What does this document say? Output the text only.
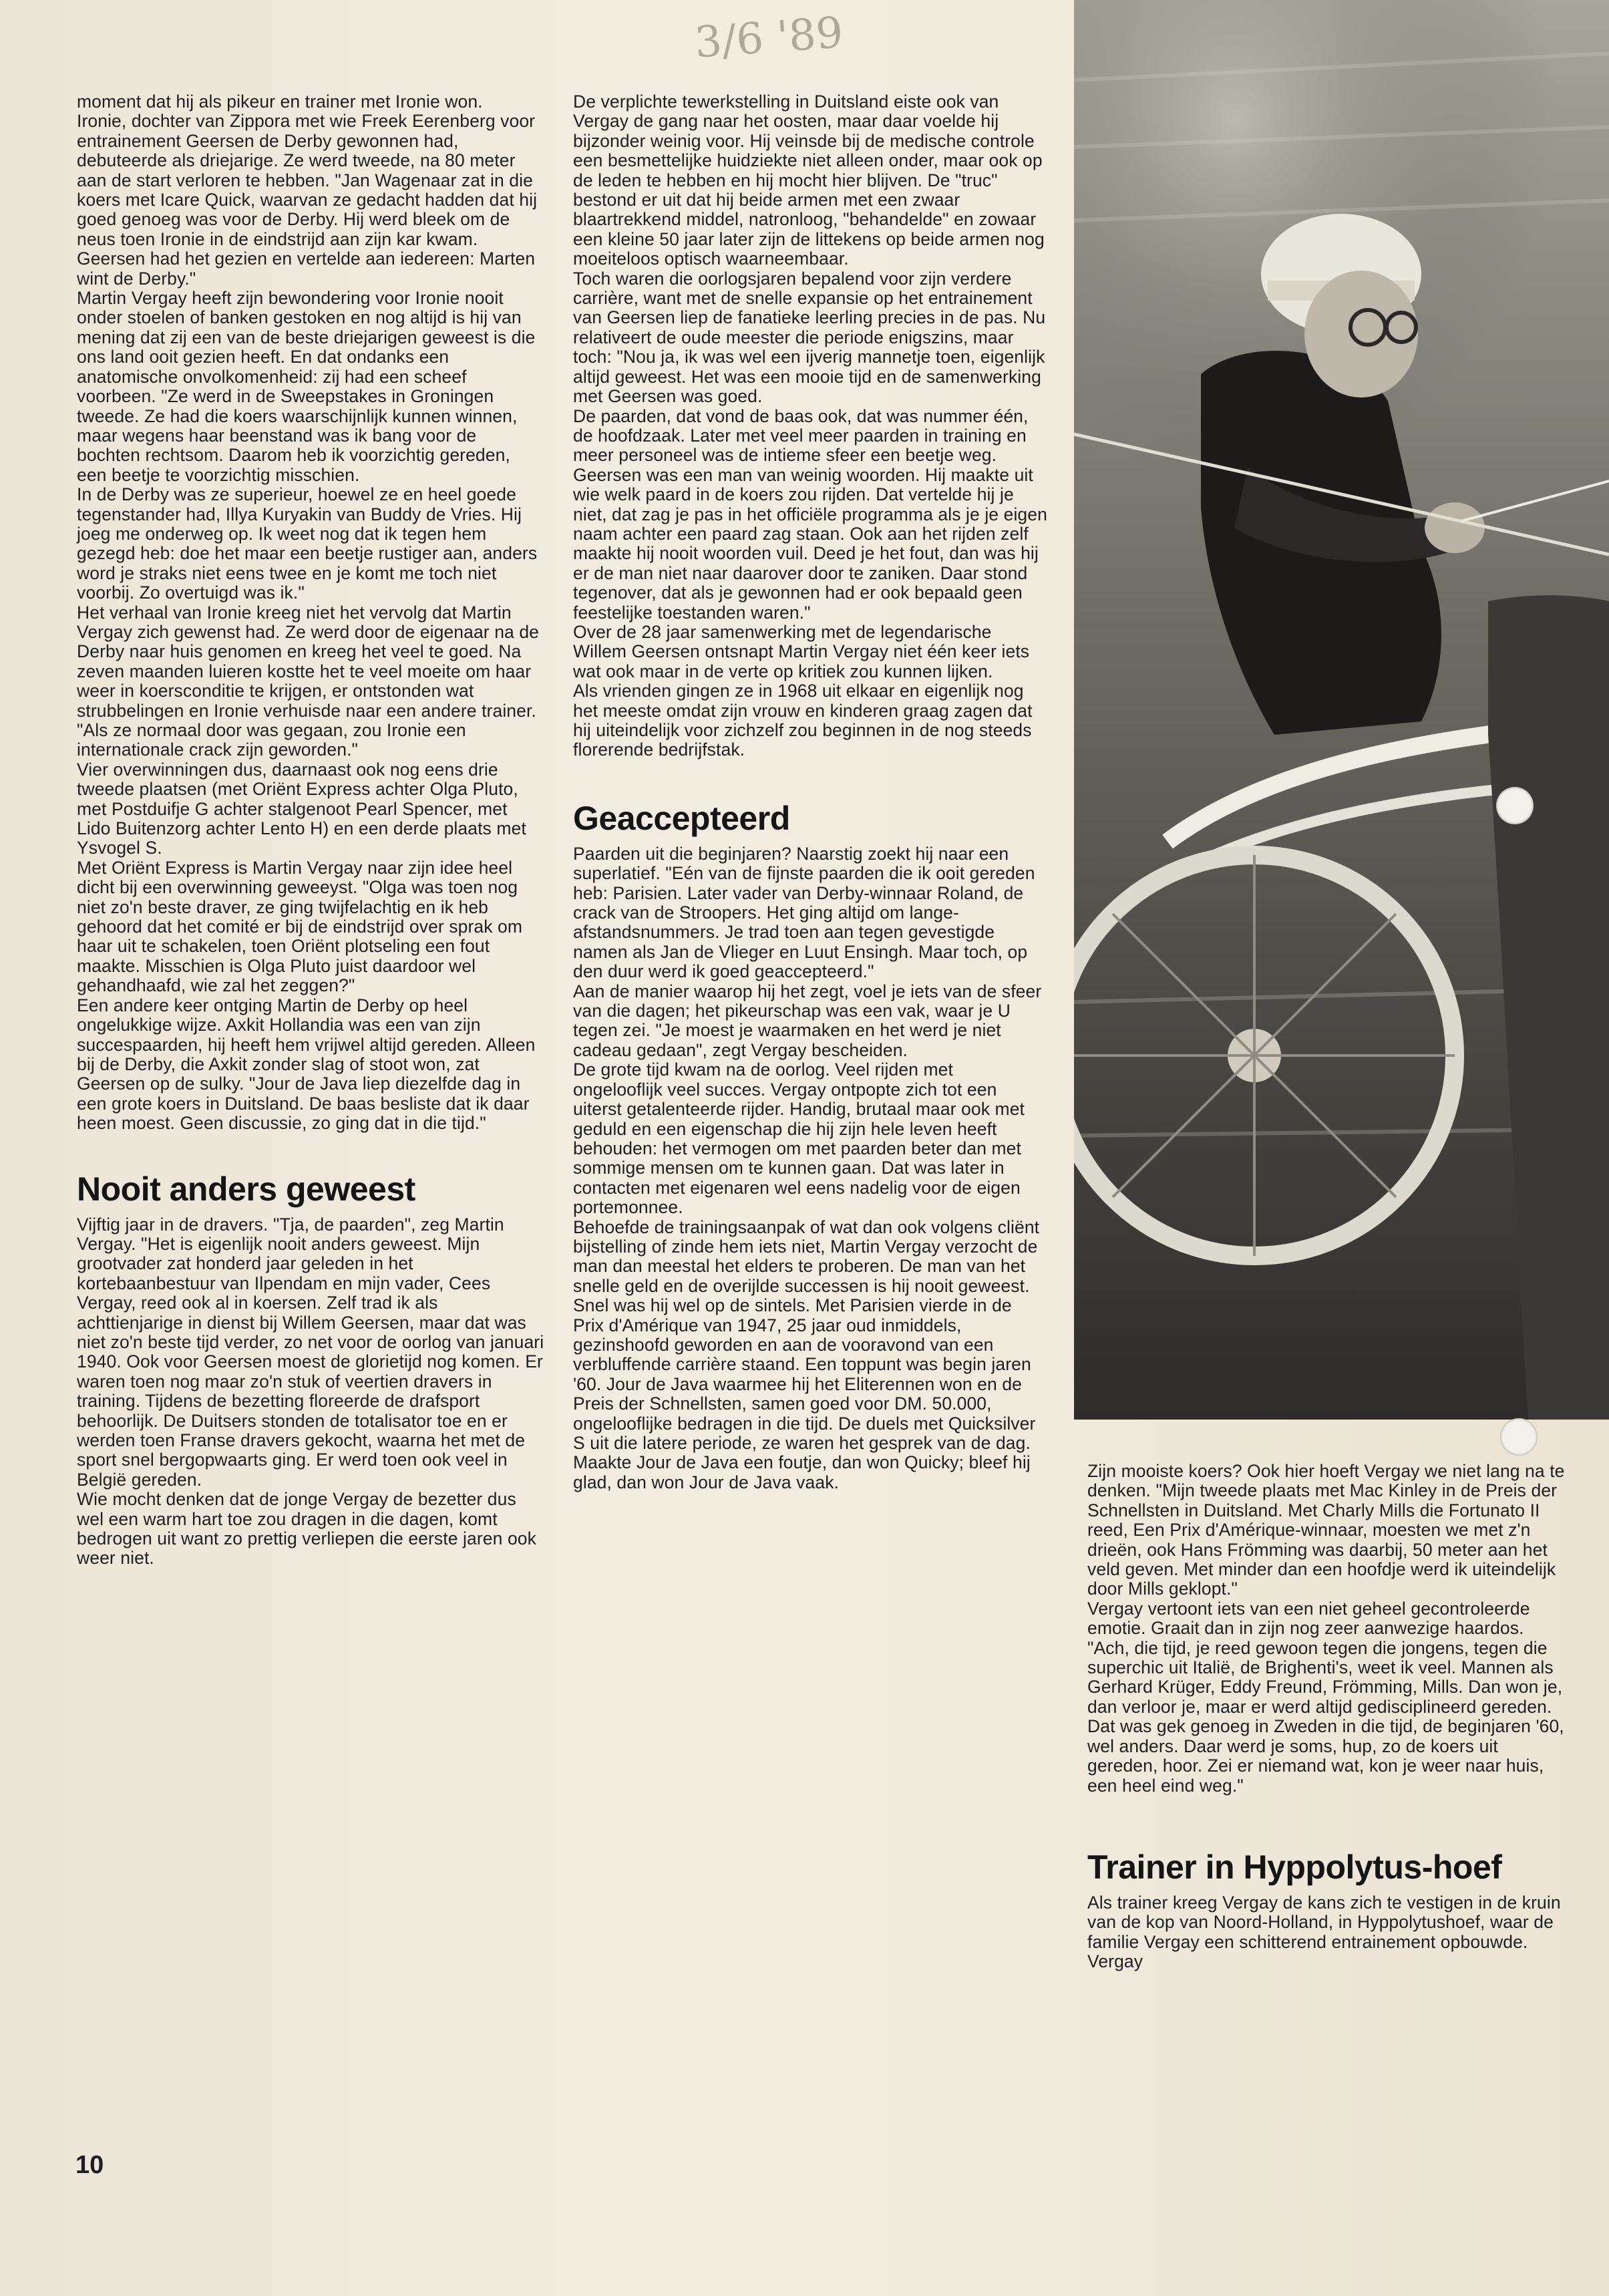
3/6 '89

moment dat hij als pikeur en trainer met Ironie won.

Ironie, dochter van Zippora met wie Freek Eerenberg voor entrainement Geersen de Derby gewonnen had, debuteerde als driejarige. Ze werd tweede, na 80 meter aan de start verloren te hebben. "Jan Wagenaar zat in die koers met Icare Quick, waarvan ze gedacht hadden dat hij goed genoeg was voor de Derby. Hij werd bleek om de neus toen Ironie in de eindstrijd aan zijn kar kwam. Geersen had het gezien en vertelde aan iedereen: Marten wint de Derby."

Martin Vergay heeft zijn bewondering voor Ironie nooit onder stoelen of banken gestoken en nog altijd is hij van mening dat zij een van de beste driejarigen geweest is die ons land ooit gezien heeft. En dat ondanks een anatomische onvolkomenheid: zij had een scheef voorbeen. "Ze werd in de Sweepstakes in Groningen tweede. Ze had die koers waarschijnlijk kunnen winnen, maar wegens haar beenstand was ik bang voor de bochten rechtsom. Daarom heb ik voorzichtig gereden, een beetje te voorzichtig misschien.

In de Derby was ze superieur, hoewel ze en heel goede tegenstander had, Illya Kuryakin van Buddy de Vries. Hij joeg me onderweg op. Ik weet nog dat ik tegen hem gezegd heb: doe het maar een beetje rustiger aan, anders word je straks niet eens twee en je komt me toch niet voorbij. Zo overtuigd was ik."

Het verhaal van Ironie kreeg niet het vervolg dat Martin Vergay zich gewenst had. Ze werd door de eigenaar na de Derby naar huis genomen en kreeg het veel te goed. Na zeven maanden luieren kostte het te veel moeite om haar weer in koersconditie te krijgen, er ontstonden wat strubbelingen en Ironie verhuisde naar een andere trainer. "Als ze normaal door was gegaan, zou Ironie een internationale crack zijn geworden."

Vier overwinningen dus, daarnaast ook nog eens drie tweede plaatsen (met Oriënt Express achter Olga Pluto, met Postduifje G achter stalgenoot Pearl Spencer, met Lido Buitenzorg achter Lento H) en een derde plaats met Ysvogel S.

Met Oriënt Express is Martin Vergay naar zijn idee heel dicht bij een overwinning geweeyst. "Olga was toen nog niet zo'n beste draver, ze ging twijfelachtig en ik heb gehoord dat het comité er bij de eindstrijd over sprak om haar uit te schakelen, toen Oriënt plotseling een fout maakte. Misschien is Olga Pluto juist daardoor wel gehandhaafd, wie zal het zeggen?"

Een andere keer ontging Martin de Derby op heel ongelukkige wijze. Axkit Hollandia was een van zijn succespaarden, hij heeft hem vrijwel altijd gereden. Alleen bij de Derby, die Axkit zonder slag of stoot won, zat Geersen op de sulky. "Jour de Java liep diezelfde dag in een grote koers in Duitsland. De baas besliste dat ik daar heen moest. Geen discussie, zo ging dat in die tijd."

Nooit anders geweest

Vijftig jaar in de dravers. "Tja, de paarden", zeg Martin Vergay. "Het is eigenlijk nooit anders geweest. Mijn grootvader zat honderd jaar geleden in het kortebaanbestuur van Ilpendam en mijn vader, Cees Vergay, reed ook al in koersen. Zelf trad ik als achttienjarige in dienst bij Willem Geersen, maar dat was niet zo'n beste tijd verder, zo net voor de oorlog van januari 1940. Ook voor Geersen moest de glorietijd nog komen. Er waren toen nog maar zo'n stuk of veertien dravers in training. Tijdens de bezetting floreerde de drafsport behoorlijk. De Duitsers stonden de totalisator toe en er werden toen Franse dravers gekocht, waarna het met de sport snel bergopwaarts ging. Er werd toen ook veel in België gereden.

Wie mocht denken dat de jonge Vergay de bezetter dus wel een warm hart toe zou dragen in die dagen, komt bedrogen uit want zo prettig verliepen die eerste jaren ook weer niet.

De verplichte tewerkstelling in Duitsland eiste ook van Vergay de gang naar het oosten, maar daar voelde hij bijzonder weinig voor. Hij veinsde bij de medische controle een besmettelijke huidziekte niet alleen onder, maar ook op de leden te hebben en hij mocht hier blijven. De "truc" bestond er uit dat hij beide armen met een zwaar blaartrekkend middel, natronloog, "behandelde" en zowaar een kleine 50 jaar later zijn de littekens op beide armen nog moeiteloos optisch waarneembaar.

Toch waren die oorlogsjaren bepalend voor zijn verdere carrière, want met de snelle expansie op het entrainement van Geersen liep de fanatieke leerling precies in de pas. Nu relativeert de oude meester die periode enigszins, maar toch: "Nou ja, ik was wel een ijverig mannetje toen, eigenlijk altijd geweest. Het was een mooie tijd en de samenwerking met Geersen was goed.

De paarden, dat vond de baas ook, dat was nummer één, de hoofdzaak. Later met veel meer paarden in training en meer personeel was de intieme sfeer een beetje weg.

Geersen was een man van weinig woorden. Hij maakte uit wie welk paard in de koers zou rijden. Dat vertelde hij je niet, dat zag je pas in het officiële programma als je je eigen naam achter een paard zag staan. Ook aan het rijden zelf maakte hij nooit woorden vuil. Deed je het fout, dan was hij er de man niet naar daarover door te zaniken. Daar stond tegenover, dat als je gewonnen had er ook bepaald geen feestelijke toestanden waren."

Over de 28 jaar samenwerking met de legendarische Willem Geersen ontsnapt Martin Vergay niet één keer iets wat ook maar in de verte op kritiek zou kunnen lijken.

Als vrienden gingen ze in 1968 uit elkaar en eigenlijk nog het meeste omdat zijn vrouw en kinderen graag zagen dat hij uiteindelijk voor zichzelf zou beginnen in de nog steeds florerende bedrijfstak.

Geaccepteerd

Paarden uit die beginjaren? Naarstig zoekt hij naar een superlatief. "Eén van de fijnste paarden die ik ooit gereden heb: Parisien. Later vader van Derby-winnaar Roland, de crack van de Stroopers. Het ging altijd om lange-afstandsnummers. Je trad toen aan tegen gevestigde namen als Jan de Vlieger en Luut Ensingh. Maar toch, op den duur werd ik goed geaccepteerd."

Aan de manier waarop hij het zegt, voel je iets van de sfeer van die dagen; het pikeurschap was een vak, waar je U tegen zei. "Je moest je waarmaken en het werd je niet cadeau gedaan", zegt Vergay bescheiden.

De grote tijd kwam na de oorlog. Veel rijden met ongelooflijk veel succes. Vergay ontpopte zich tot een uiterst getalenteerde rijder. Handig, brutaal maar ook met geduld en een eigenschap die hij zijn hele leven heeft behouden: het vermogen om met paarden beter dan met sommige mensen om te kunnen gaan. Dat was later in contacten met eigenaren wel eens nadelig voor de eigen portemonnee.

Behoefde de trainingsaanpak of wat dan ook volgens cliënt bijstelling of zinde hem iets niet, Martin Vergay verzocht de man dan meestal het elders te proberen. De man van het snelle geld en de overijlde successen is hij nooit geweest.

Snel was hij wel op de sintels. Met Parisien vierde in de Prix d'Amérique van 1947, 25 jaar oud inmiddels, gezinshoofd geworden en aan de vooravond van een verbluffende carrière staand. Een toppunt was begin jaren '60. Jour de Java waarmee hij het Eliterennen won en de Preis der Schnellsten, samen goed voor DM. 50.000, ongelooflijke bedragen in die tijd. De duels met Quicksilver S uit die latere periode, ze waren het gesprek van de dag. Maakte Jour de Java een foutje, dan won Quicky; bleef hij glad, dan won Jour de Java vaak.

Zijn mooiste koers? Ook hier hoeft Vergay we niet lang na te denken. "Mijn tweede plaats met Mac Kinley in de Preis der Schnellsten in Duitsland. Met Charly Mills die Fortunato II reed, Een Prix d'Amérique-winnaar, moesten we met z'n drieën, ook Hans Frömming was daarbij, 50 meter aan het veld geven. Met minder dan een hoofdje werd ik uiteindelijk door Mills geklopt."

Vergay vertoont iets van een niet geheel gecontroleerde emotie. Graait dan in zijn nog zeer aanwezige haardos. "Ach, die tijd, je reed gewoon tegen die jongens, tegen die superchic uit Italië, de Brighenti's, weet ik veel. Mannen als Gerhard Krüger, Eddy Freund, Frömming, Mills. Dan won je, dan verloor je, maar er werd altijd gedisciplineerd gereden. Dat was gek genoeg in Zweden in die tijd, de beginjaren '60, wel anders. Daar werd je soms, hup, zo de koers uit gereden, hoor. Zei er niemand wat, kon je weer naar huis, een heel eind weg."

Trainer in Hyppolytus-hoef

Als trainer kreeg Vergay de kans zich te vestigen in de kruin van de kop van Noord-Holland, in Hyppolytushoef, waar de familie Vergay een schitterend entrainement opbouwde. Vergay

10
